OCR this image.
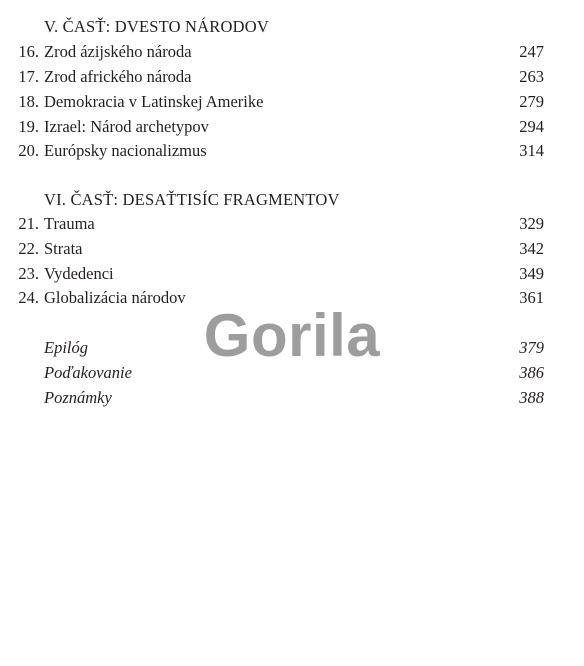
V. ČASŤ: DVESTO NÁRODOV
16. Zrod ázijského národa	247
17. Zrod afrického národa	263
18. Demokracia v Latinskej Amerike	279
19. Izrael: Národ archetypov	294
20. Európsky nacionalizmus	314
VI. ČASŤ: DESAŤTISÍC FRAGMENTOV
21. Trauma	329
22. Strata	342
23. Vydedenci	349
24. Globalizácia národov	361
Epilóg	379
Poďakovanie	386
Poznámky	388
Gorila
